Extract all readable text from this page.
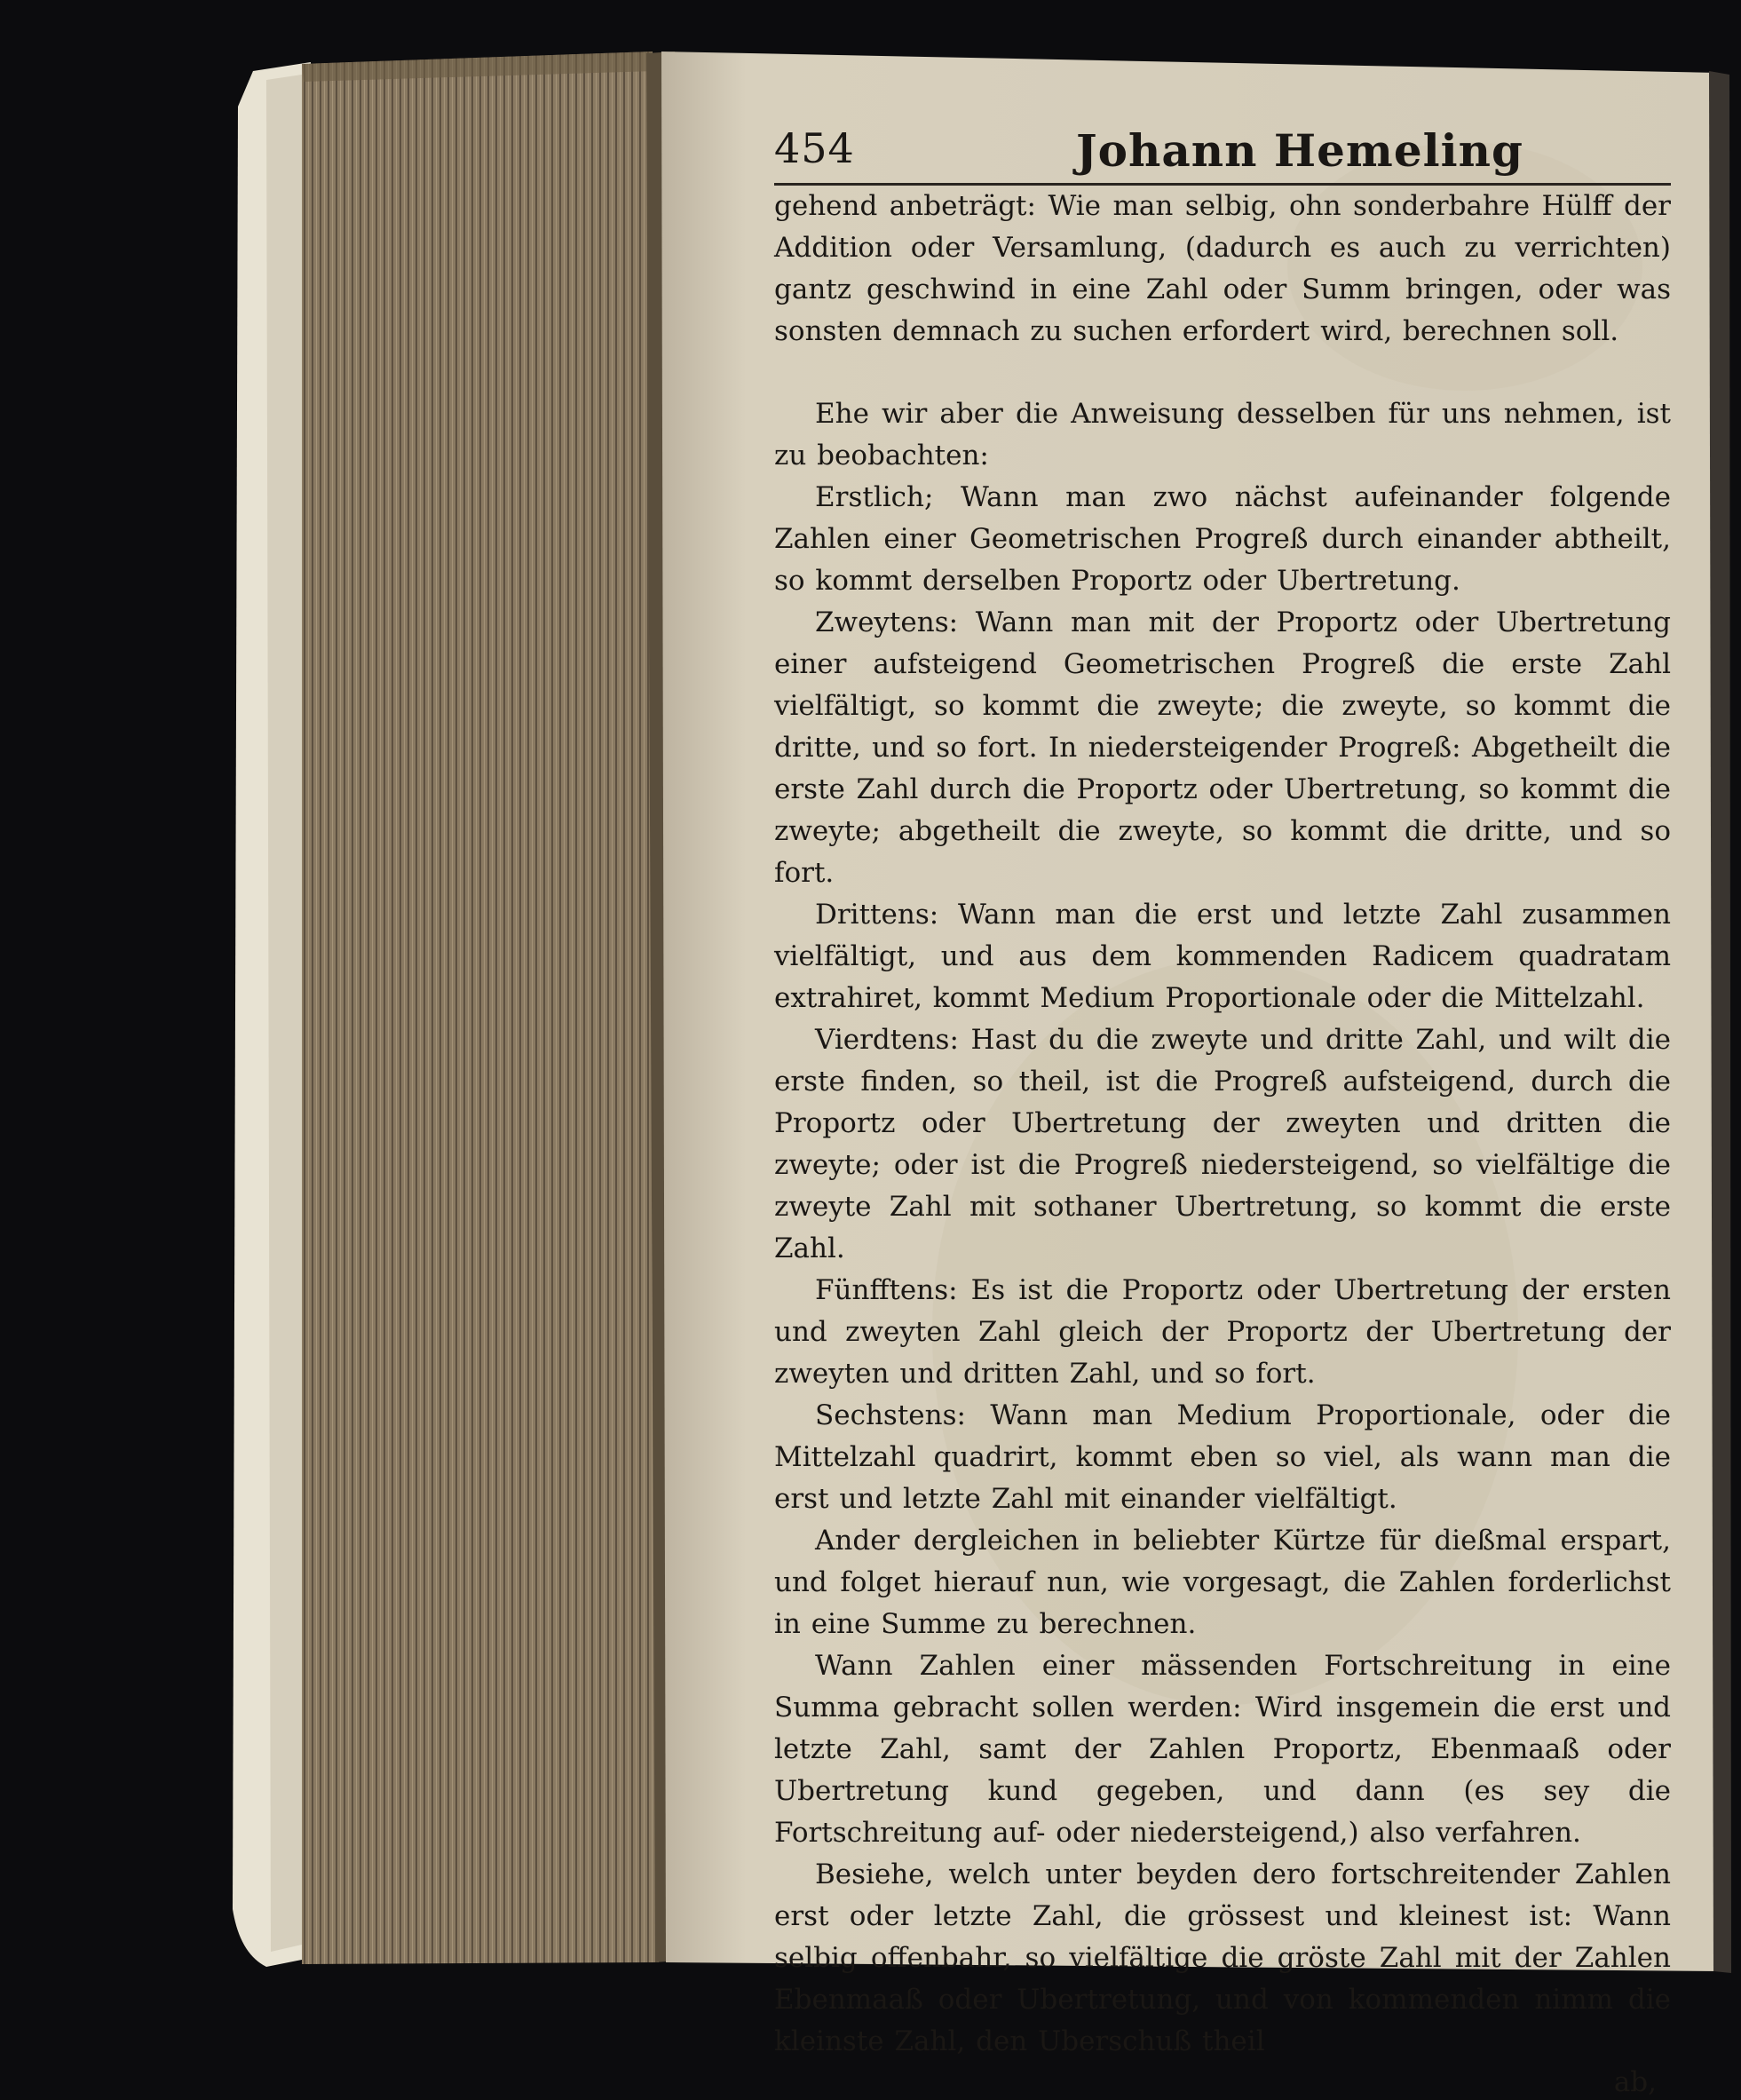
454	Johann Hemeling

gehend anbeträgt: Wie man selbig, ohn sonderbahre Hülff der Addition oder Versamlung, (dadurch es auch zu verrichten) gantz geschwind in eine Zahl oder Summ bringen, oder was sonsten demnach zu suchen erfordert wird, berechnen soll.

Ehe wir aber die Anweisung desselben für uns nehmen, ist zu beobachten:

Erstlich; Wann man zwo nächst aufeinander folgende Zahlen einer Geometrischen Progreß durch einander abtheilt, so kommt derselben Proportz oder Ubertretung.

Zweytens: Wann man mit der Proportz oder Ubertretung einer aufsteigend Geometrischen Progreß die erste Zahl vielfältigt, so kommt die zweyte; die zweyte, so kommt die dritte, und so fort. In niedersteigender Progreß: Abgetheilt die erste Zahl durch die Proportz oder Ubertretung, so kommt die zweyte; abgetheilt die zweyte, so kommt die dritte, und so fort.

Drittens: Wann man die erst und letzte Zahl zusammen vielfältigt, und aus dem kommenden Radicem quadratam extrahiret, kommt Medium Proportionale oder die Mittelzahl.

Vierdtens: Hast du die zweyte und dritte Zahl, und wilt die erste finden, so theil, ist die Progreß aufsteigend, durch die Proportz oder Ubertretung der zweyten und dritten die zweyte; oder ist die Progreß niedersteigend, so vielfältige die zweyte Zahl mit sothaner Ubertretung, so kommt die erste Zahl.

Fünfftens: Es ist die Proportz oder Ubertretung der ersten und zweyten Zahl gleich der Proportz der Ubertretung der zweyten und dritten Zahl, und so fort.

Sechstens: Wann man Medium Proportionale, oder die Mittelzahl quadrirt, kommt eben so viel, als wann man die erst und letzte Zahl mit einander vielfältigt.

Ander dergleichen in beliebter Kürtze für dießmal erspart, und folget hierauf nun, wie vorgesagt, die Zahlen forderlichst in eine Summe zu berechnen.

Wann Zahlen einer mässenden Fortschreitung in eine Summa gebracht sollen werden: Wird insgemein die erst und letzte Zahl, samt der Zahlen Proportz, Ebenmaaß oder Ubertretung kund gegeben, und dann (es sey die Fortschreitung auf- oder niedersteigend,) also verfahren.

Besiehe, welch unter beyden dero fortschreitender Zahlen erst oder letzte Zahl, die grössest und kleinest ist: Wann selbig offenbahr, so vielfältige die gröste Zahl mit der Zahlen Ebenmaaß oder Ubertretung, und von kommenden nimm die kleinste Zahl, den Uberschuß theil

ab,
